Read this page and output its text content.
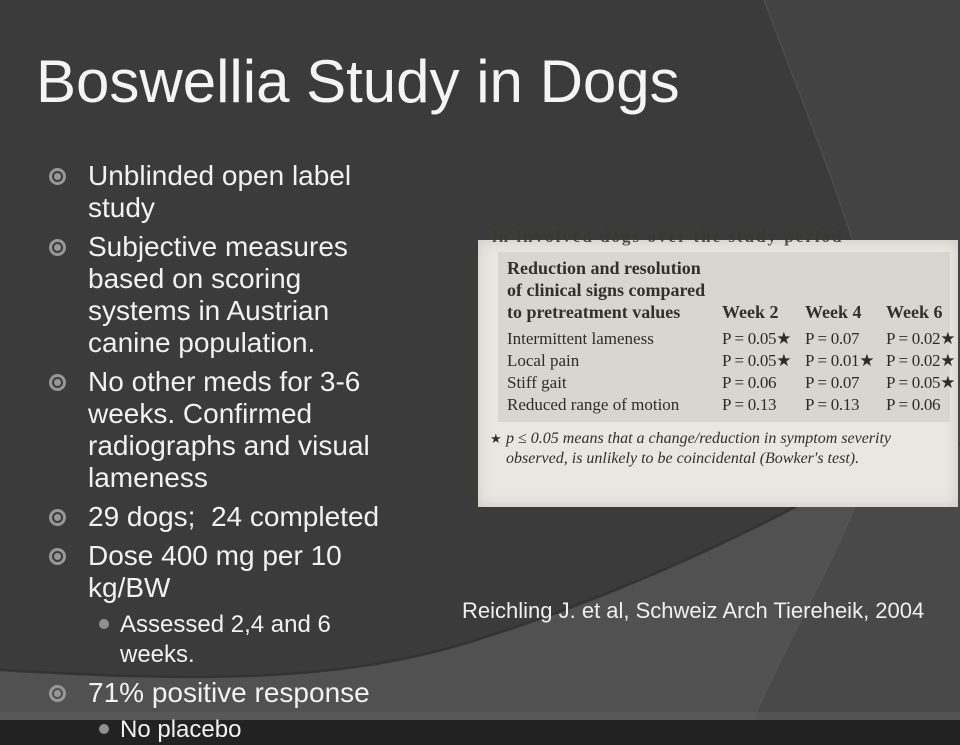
Boswellia Study in Dogs
Unblinded open label study
Subjective measures based on scoring systems in Austrian canine population.
No other meds for 3-6 weeks. Confirmed radiographs and visual lameness
29 dogs;  24 completed
Dose 400 mg per 10 kg/BW
Assessed 2,4 and 6 weeks.
71% positive response
No placebo
in involved dogs over the study period
Reduction and resolution
of clinical signs compared
to pretreatment values	Week 2 Week 4 Week 6
Intermittent lameness	P = 0.05★ P = 0.07 P = 0.02★
Local pain	P = 0.05★ P = 0.01★ P = 0.02★
Stiff gait	P = 0.06 P = 0.07 P = 0.05★
Reduced range of motion	P = 0.13 P = 0.13 P = 0.06
★ p ≤ 0.05 means that a change/reduction in symptom severity observed, is unlikely to be coincidental (Bowker's test).
Reichling J. et al, Schweiz Arch Tiereheik, 2004
